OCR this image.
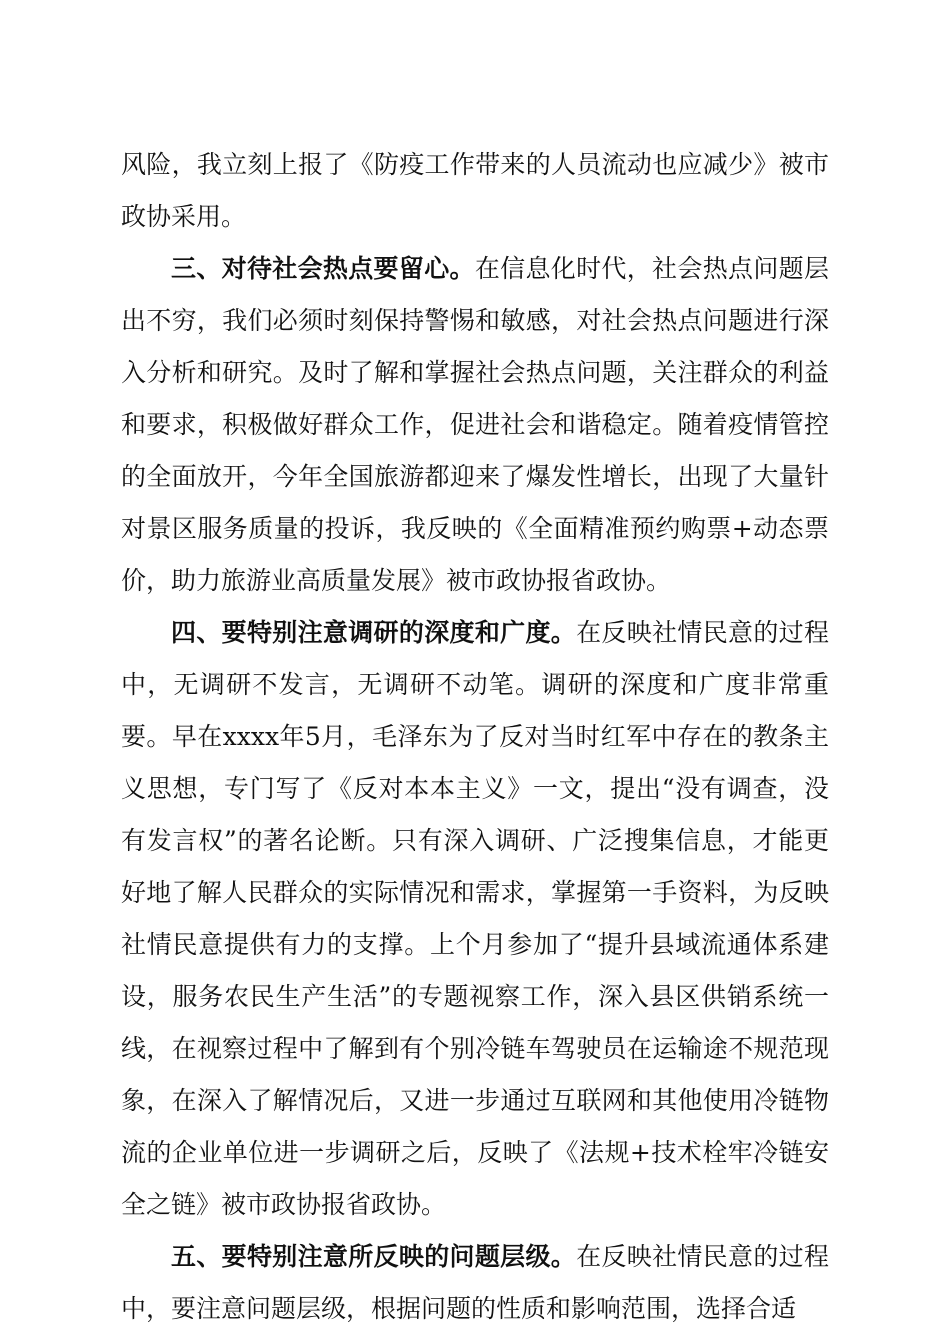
风险，我立刻上报了《防疫工作带来的人员流动也应减少》被市政协采用。

三、对待社会热点要留心。在信息化时代，社会热点问题层出不穷，我们必须时刻保持警惕和敏感，对社会热点问题进行深入分析和研究。及时了解和掌握社会热点问题，关注群众的利益和要求，积极做好群众工作，促进社会和谐稳定。随着疫情管控的全面放开，今年全国旅游都迎来了爆发性增长，出现了大量针对景区服务质量的投诉，我反映的《全面精准预约购票+动态票价，助力旅游业高质量发展》被市政协报省政协。

四、要特别注意调研的深度和广度。在反映社情民意的过程中，无调研不发言，无调研不动笔。调研的深度和广度非常重要。早在xxxx年5月，毛泽东为了反对当时红军中存在的教条主义思想，专门写了《反对本本主义》一文，提出“没有调查，没有发言权”的著名论断。只有深入调研、广泛搜集信息，才能更好地了解人民群众的实际情况和需求，掌握第一手资料，为反映社情民意提供有力的支撑。上个月参加了“提升县域流通体系建设，服务农民生产生活”的专题视察工作，深入县区供销系统一线，在视察过程中了解到有个别冷链车驾驶员在运输途不规范现象，在深入了解情况后，又进一步通过互联网和其他使用冷链物流的企业单位进一步调研之后，反映了《法规+技术栓牢冷链安全之链》被市政协报省政协。

五、要特别注意所反映的问题层级。在反映社情民意的过程中，要注意问题层级，根据问题的性质和影响范围，选择合适
